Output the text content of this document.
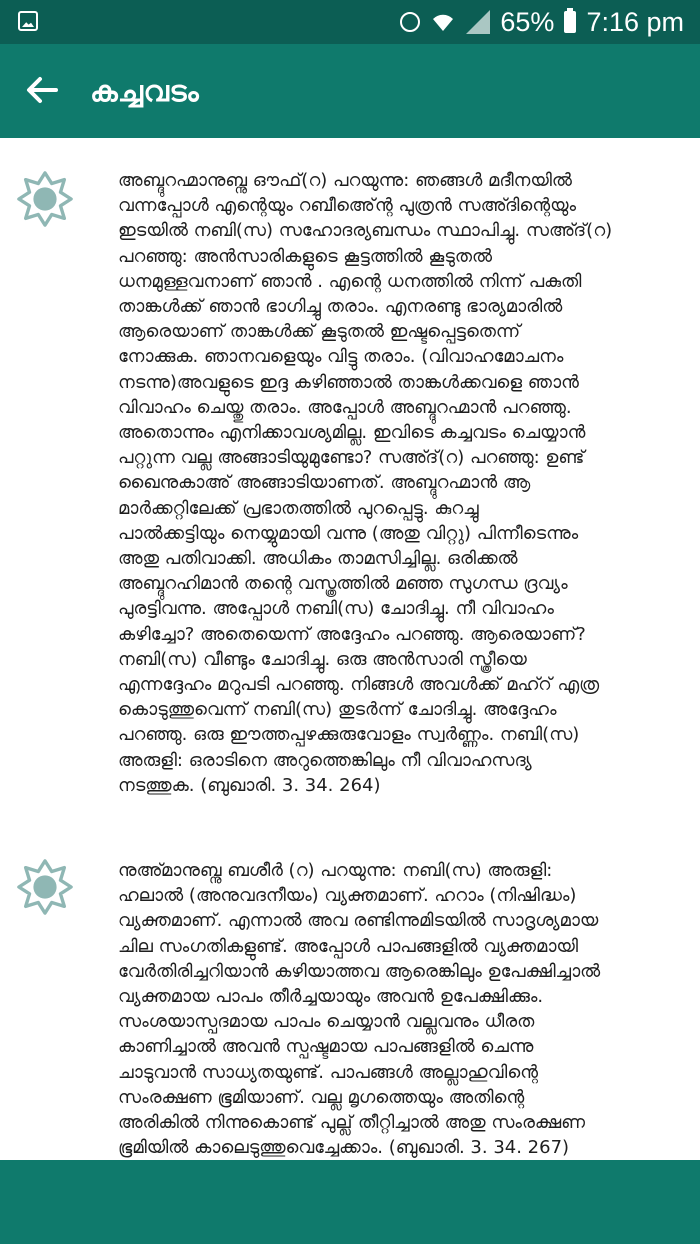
65% 7:16 pm
കച്ചവടം
അബ്ദുറഹ്മാനുബ്നു ഔഫ്(റ) പറയുന്നു: ഞങ്ങള്‍ മദീനയില്‍
വന്നപ്പോള്‍ എന്റെയും റബീഅ്ന്റെ പുത്രന്‍ സഅ്ദിന്റെയും
ഇടയില്‍ നബി(സ) സഹോദര്യബന്ധം സ്ഥാപിച്ചു. സഅ്ദ്(റ)
പറഞ്ഞു: അന്‍സാരികളുടെ കൂട്ടത്തില്‍ കൂടുതല്‍
ധനമുള്ളവനാണ് ഞാന്‍ . എന്റെ ധനത്തില്‍ നിന്ന് പകുതി
താങ്കള്‍ക്ക് ഞാന്‍ ഭാഗിച്ചു തരാം. എനരണ്ടു ഭാര്യമാരില്‍
ആരെയാണ് താങ്കള്‍ക്ക് കൂടുതല്‍ ഇഷ്ടപ്പെട്ടതെന്ന്
നോക്കുക. ഞാനവളെയും വിട്ടു തരാം. (വിവാഹമോചനം
നടന്നു)അവളുടെ ഇദ്ദ കഴിഞ്ഞാല്‍ താങ്കള്‍ക്കവളെ ഞാന്‍
വിവാഹം ചെയ്തു തരാം. അപ്പോള്‍ അബ്ദുറഹ്മാന്‍ പറഞ്ഞു.
അതൊന്നും എനിക്കാവശ്യമില്ല. ഇവിടെ കച്ചവടം ചെയ്യാന്‍
പറ്റുന്ന വല്ല അങ്ങാടിയുമുണ്ടോ? സഅ്ദ്(റ) പറഞ്ഞു: ഉണ്ട്
ഖൈനുകാഅ് അങ്ങാടിയാണത്. അബ്ദുറഹ്മാന്‍ ആ
മാര്‍ക്കറ്റിലേക്ക് പ്രഭാതത്തില്‍ പുറപ്പെട്ടു. കുറച്ചു
പാല്‍ക്കട്ടിയും നെയ്യുമായി വന്നു (അതു വിറ്റു) പിന്നീടെന്നും
അതു പതിവാക്കി. അധികം താമസിച്ചില്ല. ഒരിക്കല്‍
അബ്ദുറഹിമാന്‍ തന്റെ വസ്ത്രത്തില്‍ മഞ്ഞ സുഗന്ധ ദ്രവ്യം
പുരട്ടിവന്നു. അപ്പോള്‍ നബി(സ) ചോദിച്ചു. നീ വിവാഹം
കഴിച്ചോ? അതെയെന്ന് അദ്ദേഹം പറഞ്ഞു. ആരെയാണ്?
നബി(സ) വീണ്ടും ചോദിച്ചു. ഒരു അന്‍സാരി സ്ത്രീയെ
എന്നദ്ദേഹം മറുപടി പറഞ്ഞു. നിങ്ങള്‍ അവള്‍ക്ക് മഹ്റ് എത്ര
കൊടുത്തുവെന്ന് നബി(സ) തുടര്‍ന്ന് ചോദിച്ചു. അദ്ദേഹം
പറഞ്ഞു. ഒരു ഈത്തപ്പഴക്കുരുവോളം സ്വര്‍ണ്ണം. നബി(സ)
അരുളി: ഒരാടിനെ അറുത്തെങ്കിലും നീ വിവാഹസദ്യ
നടത്തുക. (ബുഖാരി. 3. 34. 264)
നുഅ്മാനുബ്നു ബശീര്‍ (റ) പറയുന്നു: നബി(സ) അരുളി:
ഹലാല്‍ (അനുവദനീയം) വ്യക്തമാണ്. ഹറാം (നിഷിദ്ധം)
വ്യക്തമാണ്. എന്നാല്‍ അവ രണ്ടിന്നുമിടയില്‍ സാദൃശ്യമായ
ചില സംഗതികളുണ്ട്. അപ്പോള്‍ പാപങ്ങളില്‍ വ്യക്തമായി
വേര്‍തിരിച്ചറിയാന്‍ കഴിയാത്തവ ആരെങ്കിലും ഉപേക്ഷിച്ചാല്‍
വ്യക്തമായ പാപം തീര്‍ച്ചയായും അവന്‍ ഉപേക്ഷിക്കും.
സംശയാസ്പദമായ പാപം ചെയ്യാന്‍ വല്ലവനും ധീരത
കാണിച്ചാല്‍ അവന്‍ സ്പഷ്ടമായ പാപങ്ങളില്‍ ചെന്നു
ചാടുവാന്‍ സാധ്യതയുണ്ട്. പാപങ്ങള്‍ അല്ലാഹുവിന്റെ
സംരക്ഷണ ഭൂമിയാണ്. വല്ല മൃഗത്തെയും അതിന്റെ
അരികില്‍ നിന്നുകൊണ്ട് പുല്ല് തീറ്റിച്ചാല്‍ അതു സംരക്ഷണ
ഭൂമിയില്‍ കാലെടുത്തുവെച്ചേക്കാം. (ബുഖാരി. 3. 34. 267)
